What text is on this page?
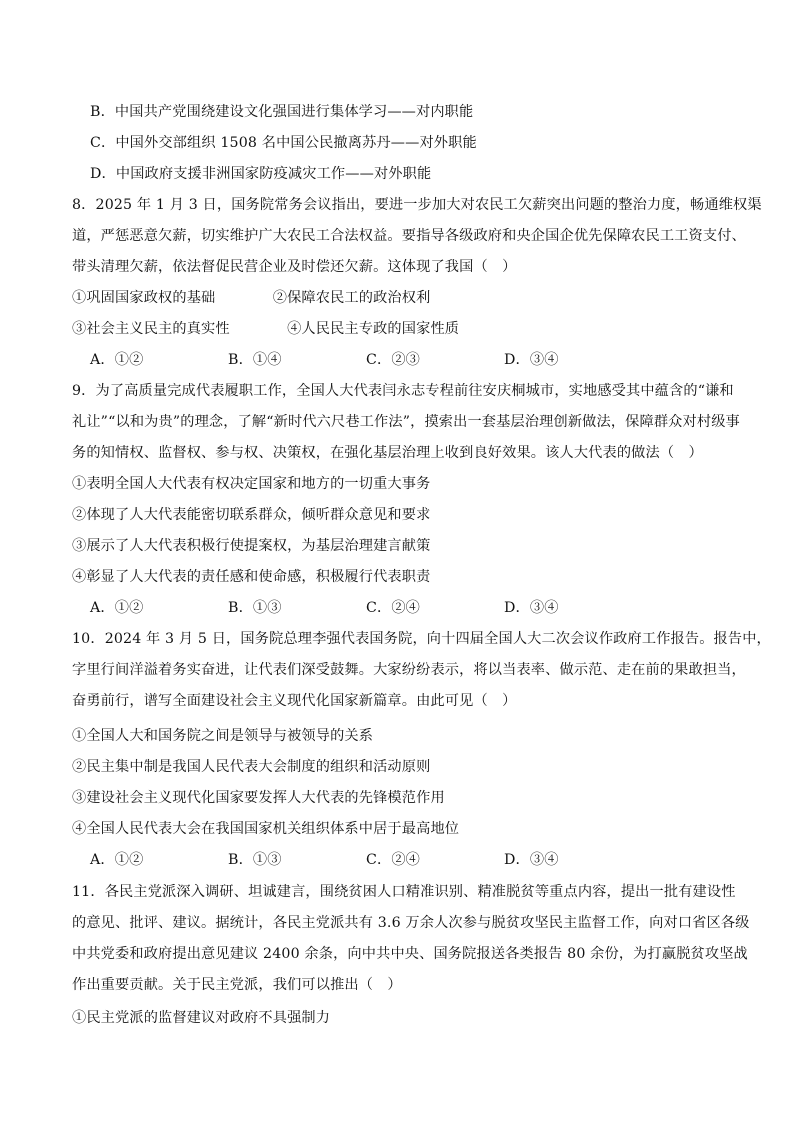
B．中国共产党围绕建设文化强国进行集体学习——对内职能
C．中国外交部组织 1508 名中国公民撤离苏丹——对外职能
D．中国政府支援非洲国家防疫减灾工作——对外职能
8．2025 年 1 月 3 日，国务院常务会议指出，要进一步加大对农民工欠薪突出问题的整治力度，畅通维权渠
道，严惩恶意欠薪，切实维护广大农民工合法权益。要指导各级政府和央企国企优先保障农民工工资支付、
带头清理欠薪，依法督促民营企业及时偿还欠薪。这体现了我国（　）
①巩固国家政权的基础　　　　②保障农民工的政治权利
③社会主义民主的真实性　　　　④人民民主专政的国家性质
A．①②	B．①④	C．②③	D．③④
9．为了高质量完成代表履职工作，全国人大代表闫永志专程前往安庆桐城市，实地感受其中蕴含的“谦和
礼让”“以和为贵”的理念，了解“新时代六尺巷工作法”，摸索出一套基层治理创新做法，保障群众对村级事
务的知情权、监督权、参与权、决策权，在强化基层治理上收到良好效果。该人大代表的做法（　）
①表明全国人大代表有权决定国家和地方的一切重大事务
②体现了人大代表能密切联系群众，倾听群众意见和要求
③展示了人大代表积极行使提案权，为基层治理建言献策
④彰显了人大代表的责任感和使命感，积极履行代表职责
A．①②	B．①③	C．②④	D．③④
10．2024 年 3 月 5 日，国务院总理李强代表国务院，向十四届全国人大二次会议作政府工作报告。报告中，
字里行间洋溢着务实奋进，让代表们深受鼓舞。大家纷纷表示，将以当表率、做示范、走在前的果敢担当，
奋勇前行，谱写全面建设社会主义现代化国家新篇章。由此可见（　）
①全国人大和国务院之间是领导与被领导的关系
②民主集中制是我国人民代表大会制度的组织和活动原则
③建设社会主义现代化国家要发挥人大代表的先锋模范作用
④全国人民代表大会在我国国家机关组织体系中居于最高地位
A．①②	B．①③	C．②④	D．③④
11．各民主党派深入调研、坦诚建言，围绕贫困人口精准识别、精准脱贫等重点内容，提出一批有建设性
的意见、批评、建议。据统计，各民主党派共有 3.6 万余人次参与脱贫攻坚民主监督工作，向对口省区各级
中共党委和政府提出意见建议 2400 余条，向中共中央、国务院报送各类报告 80 余份，为打赢脱贫攻坚战
作出重要贡献。关于民主党派，我们可以推出（　）
①民主党派的监督建议对政府不具强制力
